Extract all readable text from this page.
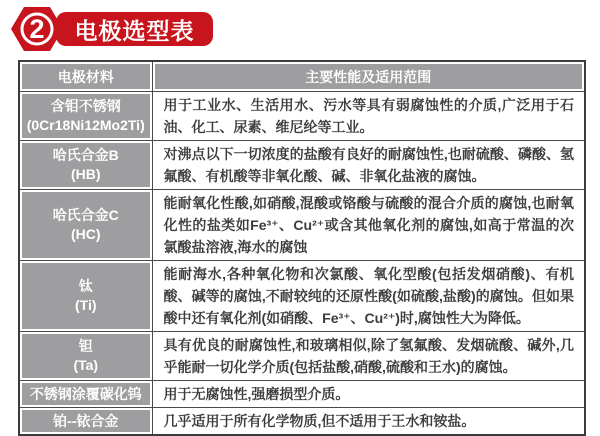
电极选型表
2
电极材料	主要性能及适用范围

含钼不锈钢
(0Cr18Ni12Mo2Ti)	用于工业水、生活用水、污水等具有弱腐蚀性的介质,广泛用于石油、化工、尿素、维尼纶等工业。

哈氏合金B
(HB)	对沸点以下一切浓度的盐酸有良好的耐腐蚀性,也耐硫酸、磷酸、氢氟酸、有机酸等非氧化酸、碱、非氧化盐液的腐蚀。

哈氏合金C
(HC)	能耐氧化性酸,如硝酸,混酸或铬酸与硫酸的混合介质的腐蚀,也耐氧化性的盐类如Fe³⁺、Cu²⁺或含其他氧化剂的腐蚀,如高于常温的次氯酸盐溶液,海水的腐蚀

钛
(Ti)	能耐海水,各种氧化物和次氯酸、氧化型酸(包括发烟硝酸)、有机酸、碱等的腐蚀,不耐较纯的还原性酸(如硫酸,盐酸)的腐蚀。但如果酸中还有氧化剂(如硝酸、Fe³⁺、Cu²⁺)时,腐蚀性大为降低。

钽
(Ta)	具有优良的耐腐蚀性,和玻璃相似,除了氢氟酸、发烟硫酸、碱外,几乎能耐一切化学介质(包括盐酸,硝酸,硫酸和王水)的腐蚀。

不锈钢涂覆碳化钨	用于无腐蚀性,强磨损型介质。

铂--铱合金	几乎适用于所有化学物质,但不适用于王水和铵盐。
